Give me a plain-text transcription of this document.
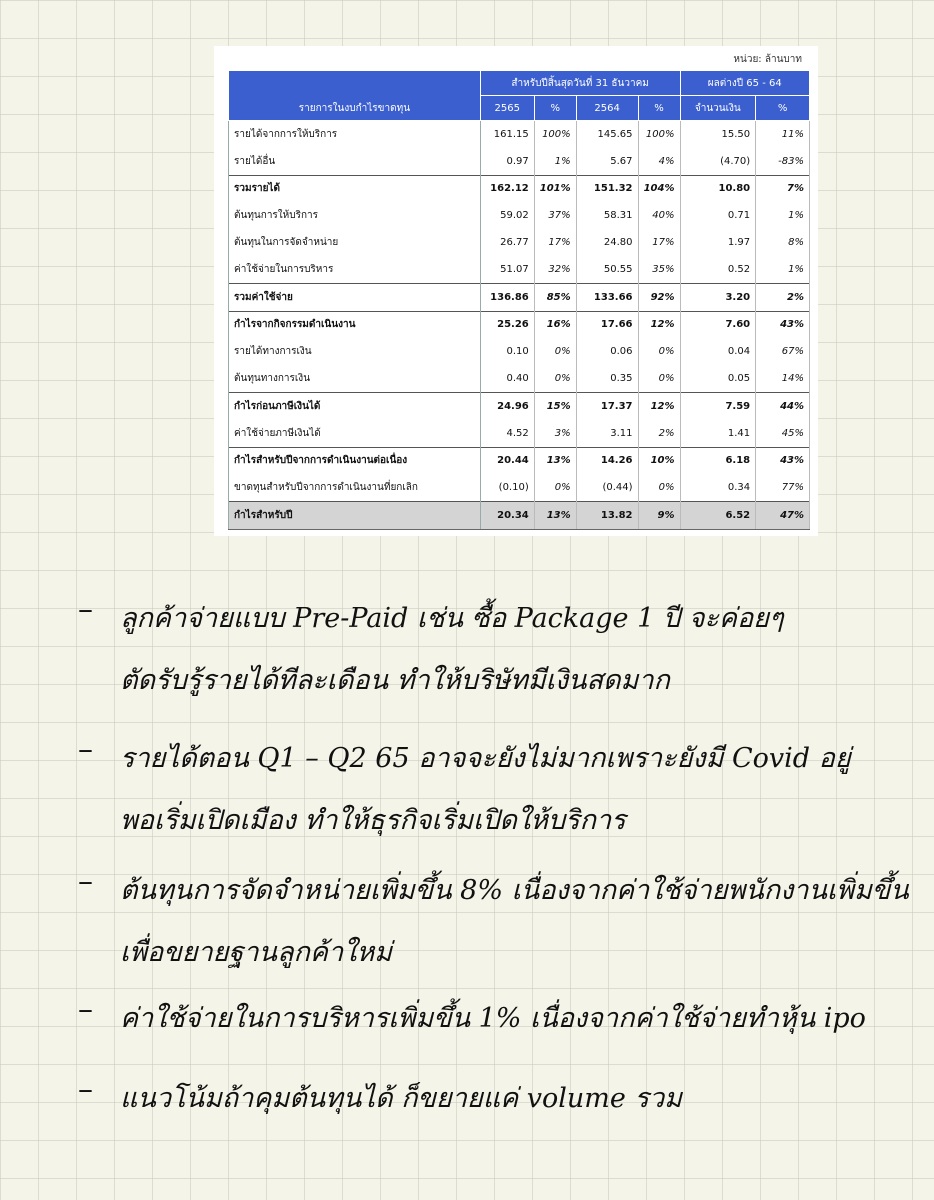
หน่วย: ล้านบาท
รายการในงบกำไรขาดทุน	สำหรับปีสิ้นสุดวันที่ 31 ธันวาคม				ผลต่างปี 65 - 64	
	2565	%	2564	%	จำนวนเงิน	%
รายได้จากการให้บริการ	161.15	100%	145.65	100%	15.50	11%
รายได้อื่น	0.97	1%	5.67	4%	(4.70)	-83%
รวมรายได้	162.12	101%	151.32	104%	10.80	7%
ต้นทุนการให้บริการ	59.02	37%	58.31	40%	0.71	1%
ต้นทุนในการจัดจำหน่าย	26.77	17%	24.80	17%	1.97	8%
ค่าใช้จ่ายในการบริหาร	51.07	32%	50.55	35%	0.52	1%
รวมค่าใช้จ่าย	136.86	85%	133.66	92%	3.20	2%
กำไรจากกิจกรรมดำเนินงาน	25.26	16%	17.66	12%	7.60	43%
รายได้ทางการเงิน	0.10	0%	0.06	0%	0.04	67%
ต้นทุนทางการเงิน	0.40	0%	0.35	0%	0.05	14%
กำไรก่อนภาษีเงินได้	24.96	15%	17.37	12%	7.59	44%
ค่าใช้จ่ายภาษีเงินได้	4.52	3%	3.11	2%	1.41	45%
กำไรสำหรับปีจากการดำเนินงานต่อเนื่อง	20.44	13%	14.26	10%	6.18	43%
ขาดทุนสำหรับปีจากการดำเนินงานที่ยกเลิก	(0.10)	0%	(0.44)	0%	0.34	77%
กำไรสำหรับปี	20.34	13%	13.82	9%	6.52	47%
– ลูกค้าจ่ายแบบ Pre-Paid เช่น ซื้อ Package 1 ปี จะค่อยๆ
ตัดรับรู้รายได้ทีละเดือน ทำให้บริษัทมีเงินสดมาก
– รายได้ตอน Q1 – Q2 65 อาจจะยังไม่มากเพราะยังมี Covid อยู่
พอเริ่มเปิดเมือง ทำให้ธุรกิจเริ่มเปิดให้บริการ
– ต้นทุนการจัดจำหน่ายเพิ่มขึ้น 8% เนื่องจากค่าใช้จ่ายพนักงานเพิ่มขึ้น
เพื่อขยายฐานลูกค้าใหม่
– ค่าใช้จ่ายในการบริหารเพิ่มขึ้น 1% เนื่องจากค่าใช้จ่ายทำหุ้น ipo
– แนวโน้มถ้าคุมต้นทุนได้ ก็ขยายแค่ volume รวม
